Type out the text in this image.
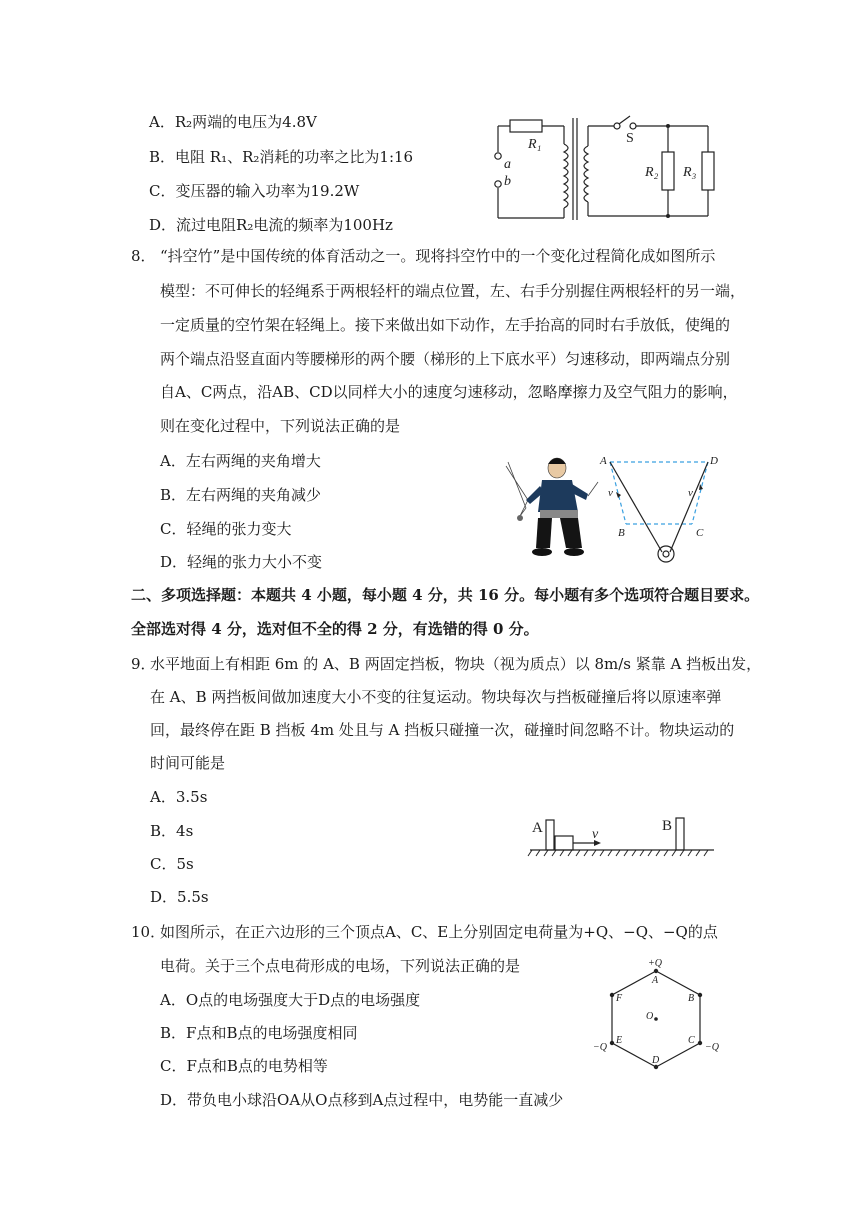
A．R₂两端的电压为4.8V
B．电阻 R₁、R₂消耗的功率之比为1:16
C．变压器的输入功率为19.2W
D．流过电阻R₂电流的频率为100Hz
R₁	S
R₂ R₃
a
b
8． “抖空竹”是中国传统的体育活动之一。现将抖空竹中的一个变化过程简化成如图所示
模型：不可伸长的轻绳系于两根轻杆的端点位置，左、右手分别握住两根轻杆的另一端，
一定质量的空竹架在轻绳上。接下来做出如下动作，左手抬高的同时右手放低，使绳的
两个端点沿竖直面内等腰梯形的两个腰（梯形的上下底水平）匀速移动，即两端点分别
自A、C两点，沿AB、CD以同样大小的速度匀速移动，忽略摩擦力及空气阻力的影响，
则在变化过程中，下列说法正确的是
A．左右两绳的夹角增大
B．左右两绳的夹角减少
C．轻绳的张力变大
D．轻绳的张力大小不变
A	D
B	C
v	v
二、多项选择题：本题共 4 小题，每小题 4 分，共 16 分。每小题有多个选项符合题目要求。
全部选对得 4 分，选对但不全的得 2 分，有选错的得 0 分。
9．
水平地面上有相距 6m 的 A、B 两固定挡板，物块（视为质点）以 8m/s 紧靠 A 挡板出发，
在 A、B 两挡板间做加速度大小不变的往复运动。物块每次与挡板碰撞后将以原速率弹
回，最终停在距 B 挡板 4m 处且与 A 挡板只碰撞一次，碰撞时间忽略不计。物块运动的
时间可能是
A．3.5s
B．4s
C．5s
D．5.5s
A	B
v
10．
如图所示，在正六边形的三个顶点A、C、E上分别固定电荷量为+Q、−Q、−Q的点
电荷。关于三个点电荷形成的电场，下列说法正确的是
A．O点的电场强度大于D点的电场强度
B．F点和B点的电场强度相同
C．F点和B点的电势相等
D．带负电小球沿OA从O点移到A点过程中，电势能一直减少
+Q
−Q	−Q
A
B
C
D
E
F
O
